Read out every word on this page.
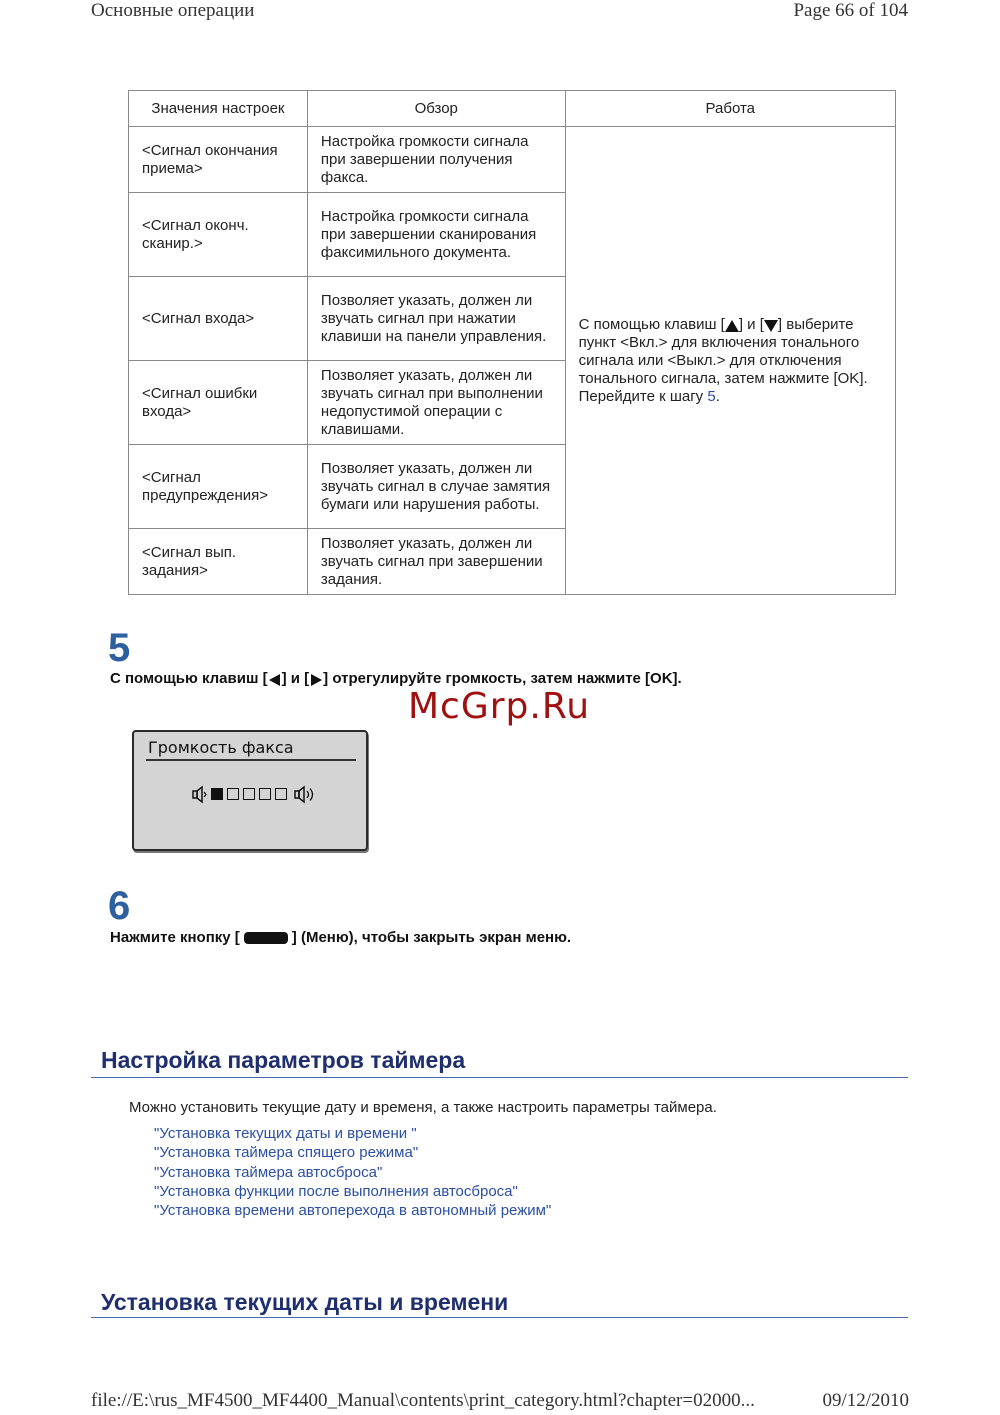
Основные операции	Page 66 of 104
Значения настроек	Обзор	Работа
<Сигнал окончания приема>	Настройка громкости сигнала при завершении получения факса.	С помощью клавиш [ ] и [ ] выберите пункт <Вкл.> для включения тонального сигнала или <Выкл.> для отключения тонального сигнала, затем нажмите [OK].
Перейдите к шагу 5.

<Сигнал оконч. сканир.>	Настройка громкости сигнала при завершении сканирования факсимильного документа.	
<Сигнал входа>	Позволяет указать, должен ли звучать сигнал при нажатии клавиши на панели управления.	
<Сигнал ошибки входа>	Позволяет указать, должен ли звучать сигнал при выполнении недопустимой операции с клавишами.	
<Сигнал предупреждения>	Позволяет указать, должен ли звучать сигнал в случае замятия бумаги или нарушения работы.	
<Сигнал вып. задания>	Позволяет указать, должен ли звучать сигнал при завершении задания.	
5
С помощью клавиш [ ] и [ ] отрегулируйте громкость, затем нажмите [OK].
McGrp.Ru
Громкость факса
6
Нажмите кнопку [	] (Меню), чтобы закрыть экран меню.
Настройка параметров таймера
Можно установить текущие дату и временя, а также настроить параметры таймера.
"Установка текущих даты и времени "
"Установка таймера спящего режима"
"Установка таймера автосброса"
"Установка функции после выполнения автосброса"
"Установка времени автоперехода в автономный режим"
Установка текущих даты и времени
file://E:\rus_MF4500_MF4400_Manual\contents\print_category.html?chapter=02000...	09/12/2010
